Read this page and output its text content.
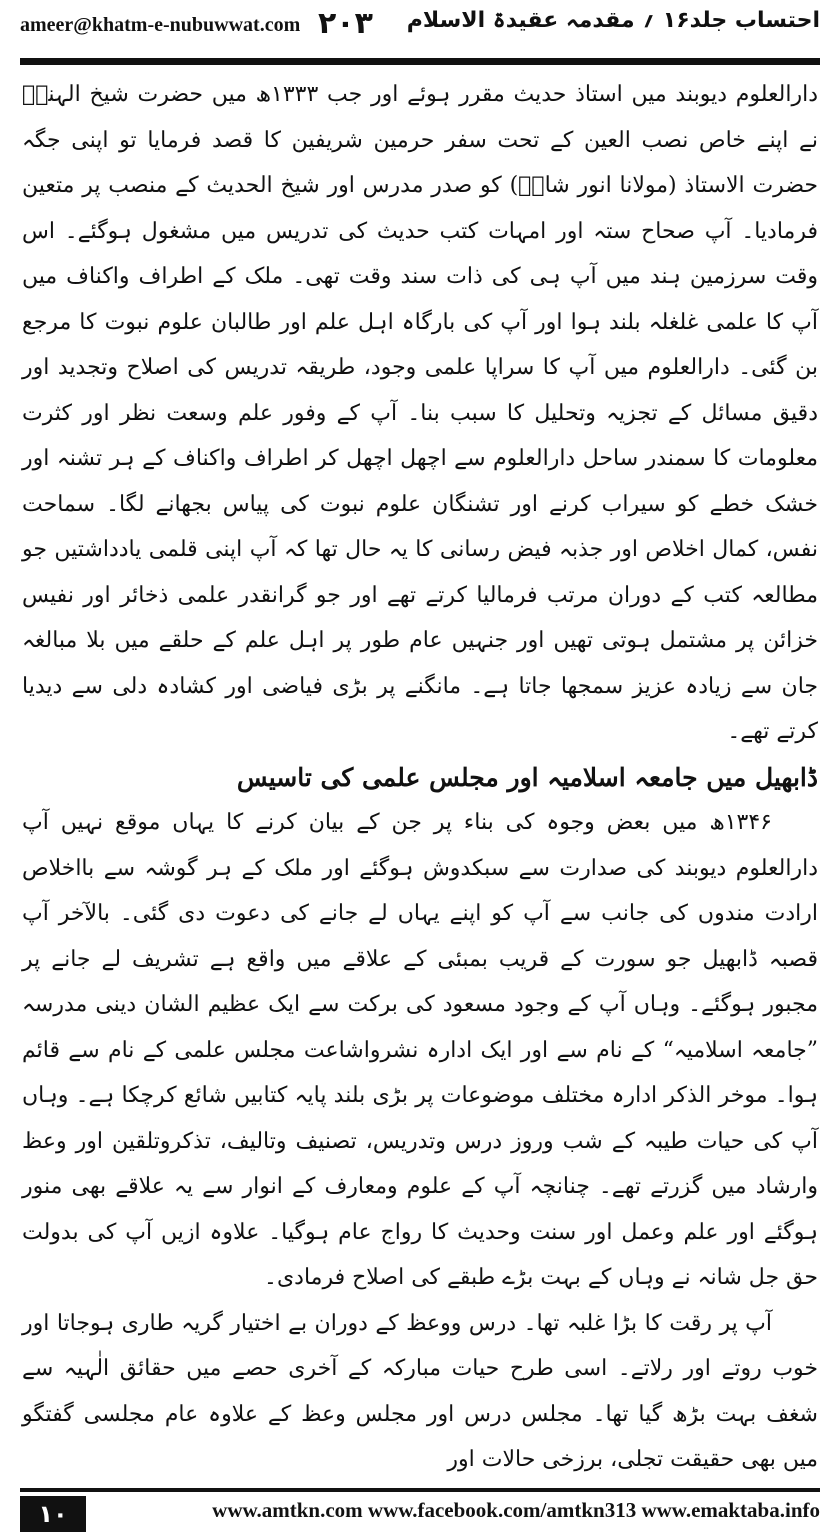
ameer@khatm-e-nubuwwat.com ۲۰۳ احتساب جلد۱۶ ؍ مقدمہ عقیدۃ الاسلام

دارالعلوم دیوبند میں استاذ حدیث مقرر ہوئے اور جب ۱۳۳۳ھ میں حضرت شیخ الہندؒ نے اپنے خاص نصب العین کے تحت سفر حرمین شریفین کا قصد فرمایا تو اپنی جگہ حضرت الاستاذ (مولانا انور شاہؒ) کو صدر مدرس اور شیخ الحدیث کے منصب پر متعین فرمادیا۔ آپ صحاح ستہ اور امہات کتب حدیث کی تدریس میں مشغول ہوگئے۔ اس وقت سرزمین ہند میں آپ ہی کی ذات سند وقت تھی۔ ملک کے اطراف واکناف میں آپ کا علمی غلغلہ بلند ہوا اور آپ کی بارگاہ اہل علم اور طالبان علوم نبوت کا مرجع بن گئی۔ دارالعلوم میں آپ کا سراپا علمی وجود، طریقہ تدریس کی اصلاح وتجدید اور دقیق مسائل کے تجزیہ وتحلیل کا سبب بنا۔ آپ کے وفور علم وسعت نظر اور کثرت معلومات کا سمندر ساحل دارالعلوم سے اچھل اچھل کر اطراف واکناف کے ہر تشنہ اور خشک خطے کو سیراب کرنے اور تشنگان علوم نبوت کی پیاس بجھانے لگا۔ سماحت نفس، کمال اخلاص اور جذبہ فیض رسانی کا یہ حال تھا کہ آپ اپنی قلمی یادداشتیں جو مطالعہ کتب کے دوران مرتب فرمالیا کرتے تھے اور جو گرانقدر علمی ذخائر اور نفیس خزائن پر مشتمل ہوتی تھیں اور جنہیں عام طور پر اہل علم کے حلقے میں بلا مبالغہ جان سے زیادہ عزیز سمجھا جاتا ہے۔ مانگنے پر بڑی فیاضی اور کشادہ دلی سے دیدیا کرتے تھے۔

ڈابھیل میں جامعہ اسلامیہ اور مجلس علمی کی تاسیس

۱۳۴۶ھ میں بعض وجوہ کی بناء پر جن کے بیان کرنے کا یہاں موقع نہیں آپ دارالعلوم دیوبند کی صدارت سے سبکدوش ہوگئے اور ملک کے ہر گوشہ سے بااخلاص ارادت مندوں کی جانب سے آپ کو اپنے یہاں لے جانے کی دعوت دی گئی۔ بالآخر آپ قصبہ ڈابھیل جو سورت کے قریب بمبئی کے علاقے میں واقع ہے تشریف لے جانے پر مجبور ہوگئے۔ وہاں آپ کے وجود مسعود کی برکت سے ایک عظیم الشان دینی مدرسہ ”جامعہ اسلامیہ“ کے نام سے اور ایک ادارہ نشرواشاعت مجلس علمی کے نام سے قائم ہوا۔ موخر الذکر ادارہ مختلف موضوعات پر بڑی بلند پایہ کتابیں شائع کرچکا ہے۔ وہاں آپ کی حیات طیبہ کے شب وروز درس وتدریس، تصنیف وتالیف، تذکروتلقین اور وعظ وارشاد میں گزرتے تھے۔ چنانچہ آپ کے علوم ومعارف کے انوار سے یہ علاقے بھی منور ہوگئے اور علم وعمل اور سنت وحدیث کا رواج عام ہوگیا۔ علاوہ ازیں آپ کی بدولت حق جل شانہ نے وہاں کے بہت بڑے طبقے کی اصلاح فرمادی۔

آپ پر رقت کا بڑا غلبہ تھا۔ درس ووعظ کے دوران بے اختیار گریہ طاری ہوجاتا اور خوب روتے اور رلاتے۔ اسی طرح حیات مبارکہ کے آخری حصے میں حقائق الٰہیہ سے شغف بہت بڑھ گیا تھا۔ مجلس درس اور مجلس وعظ کے علاوہ عام مجلسی گفتگو میں بھی حقیقت تجلی، برزخی حالات اور

۱۰	www.amtkn.com www.facebook.com/amtkn313 www.emaktaba.info
